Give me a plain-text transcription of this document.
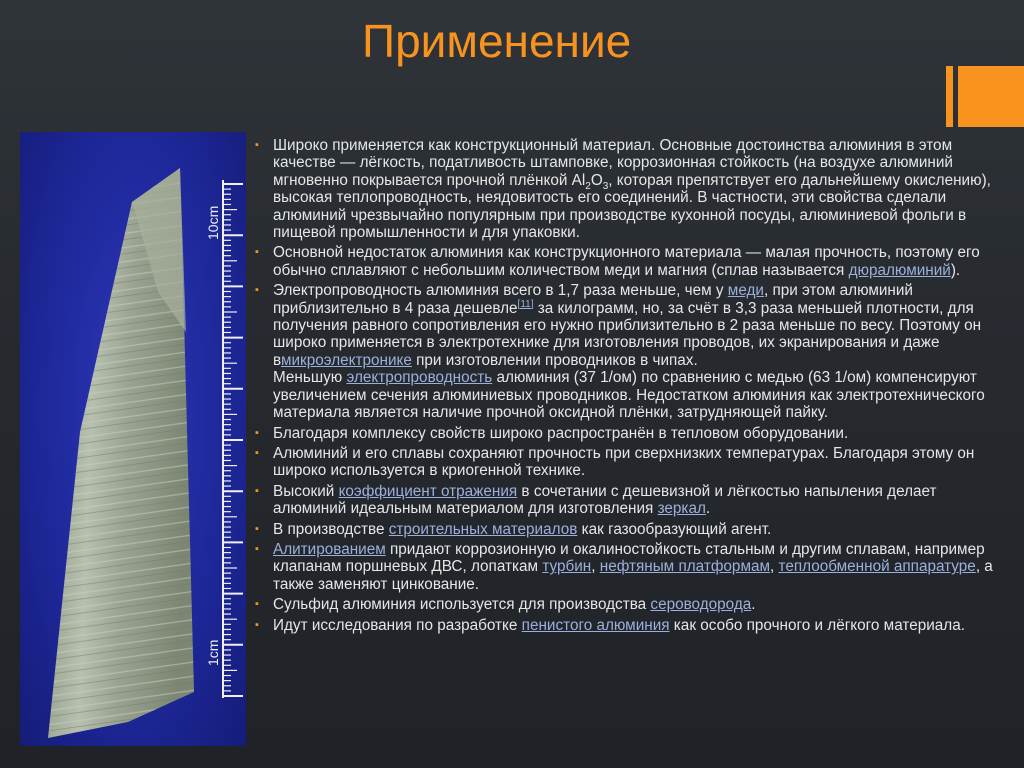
Применение
10cm
1cm
▪ Широко применяется как конструкционный материал. Основные достоинства алюминия в этом качестве — лёгкость, податливость штамповке, коррозионная стойкость (на воздухе алюминий мгновенно покрывается прочной плёнкой $Al_2O_3$, которая препятствует его дальнейшему окислению), высокая теплопроводность, неядовитость его соединений. В частности, эти свойства сделали алюминий чрезвычайно популярным при производстве кухонной посуды, алюминиевой фольги в пищевой промышленности и для упаковки.
▪ Основной недостаток алюминия как конструкционного материала — малая прочность, поэтому его обычно сплавляют с небольшим количеством меди и магния (сплав называется дюралюминий).
▪ Электропроводность алюминия всего в 1,7 раза меньше, чем у меди, при этом алюминий приблизительно в 4 раза дешевле[11] за килограмм, но, за счёт в 3,3 раза меньшей плотности, для получения равного сопротивления его нужно приблизительно в 2 раза меньше по весу. Поэтому он широко применяется в электротехнике для изготовления проводов, их экранирования и даже вмикроэлектронике при изготовлении проводников в чипах.
Меньшую электропроводность алюминия (37 1/ом) по сравнению с медью (63 1/ом) компенсируют увеличением сечения алюминиевых проводников. Недостатком алюминия как электротехнического материала является наличие прочной оксидной плёнки, затрудняющей пайку.
▪ Благодаря комплексу свойств широко распространён в тепловом оборудовании.
▪ Алюминий и его сплавы сохраняют прочность при сверхнизких температурах. Благодаря этому он широко используется в криогенной технике.
▪ Высокий коэффициент отражения в сочетании с дешевизной и лёгкостью напыления делает алюминий идеальным материалом для изготовления зеркал.
▪ В производстве строительных материалов как газообразующий агент.
▪ Алитированием придают коррозионную и окалиностойкость стальным и другим сплавам, например клапанам поршневых ДВС, лопаткам турбин, нефтяным платформам, теплообменной аппаратуре, а также заменяют цинкование.
▪ Сульфид алюминия используется для производства сероводорода.
▪ Идут исследования по разработке пенистого алюминия как особо прочного и лёгкого материала.
